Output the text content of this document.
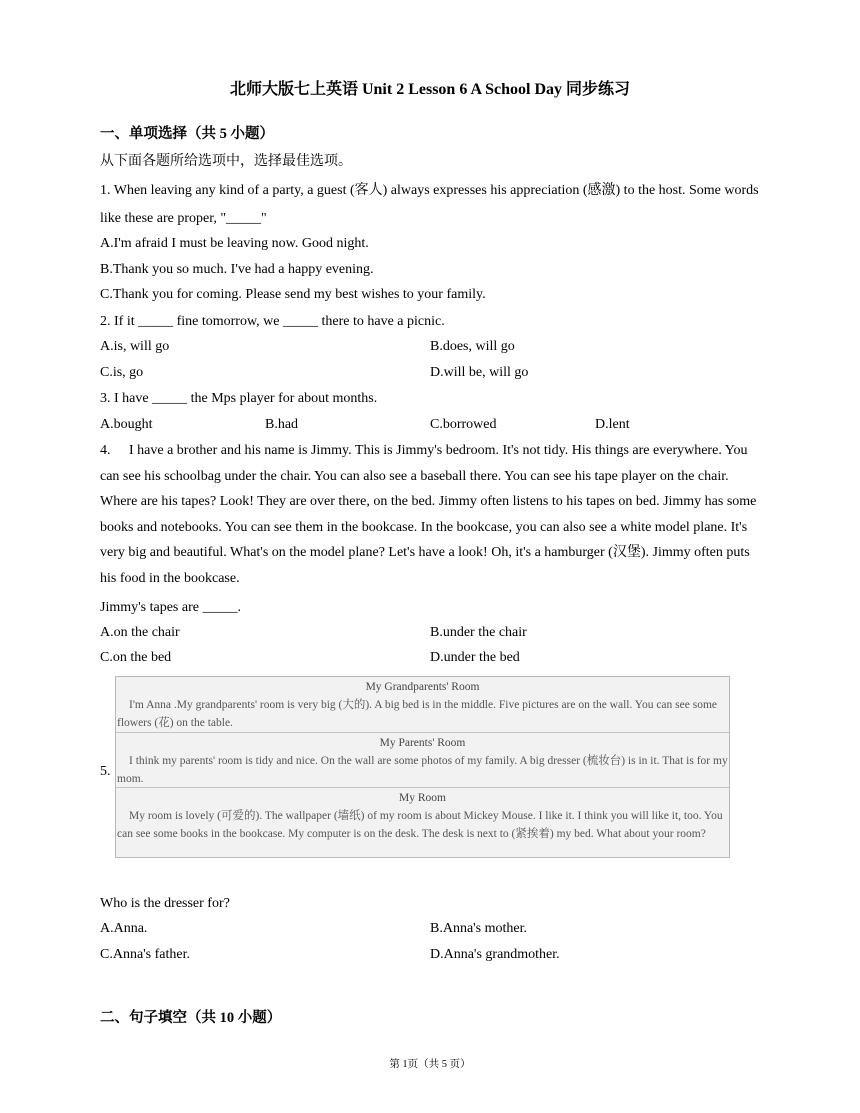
北师大版七上英语 Unit 2 Lesson 6 A School Day 同步练习
一、单项选择（共 5 小题）
从下面各题所给选项中，选择最佳选项。
1. When leaving any kind of a party, a guest (客人) always expresses his appreciation (感激) to the host. Some words like these are proper, "_____"
A.I'm afraid I must be leaving now. Good night.
B.Thank you so much. I've had a happy evening.
C.Thank you for coming. Please send my best wishes to your family.
2. If it _____ fine tomorrow, we _____ there to have a picnic.
A.is, will go	B.does, will go
C.is, go	D.will be, will go
3. I have _____ the Mps player for about months.
A.bought	B.had	C.borrowed	D.lent
4. I have a brother and his name is Jimmy. This is Jimmy's bedroom. It's not tidy. His things are everywhere. You can see his schoolbag under the chair. You can also see a baseball there. You can see his tape player on the chair. Where are his tapes? Look! They are over there, on the bed. Jimmy often listens to his tapes on bed. Jimmy has some books and notebooks. You can see them in the bookcase. In the bookcase, you can also see a white model plane. It's very big and beautiful. What's on the model plane? Let's have a look! Oh, it's a hamburger (汉堡). Jimmy often puts his food in the bookcase.
Jimmy's tapes are _____.
A.on the chair	B.under the chair
C.on the bed	D.under the bed
5.
My Grandparents' Room
I'm Anna .My grandparents' room is very big (大的). A big bed is in the middle. Five pictures are on the wall. You can see some flowers (花) on the table.
My Parents' Room
I think my parents' room is tidy and nice. On the wall are some photos of my family. A big dresser (梳妆台) is in it. That is for my mom.
My Room
My room is lovely (可爱的). The wallpaper (墙纸) of my room is about Mickey Mouse. I like it. I think you will like it, too. You can see some books in the bookcase. My computer is on the desk. The desk is next to (紧挨着) my bed. What about your room?
Who is the dresser for?
A.Anna.	B.Anna's mother.
C.Anna's father.	D.Anna's grandmother.
二、句子填空（共 10 小题）
第 1页（共 5 页）
